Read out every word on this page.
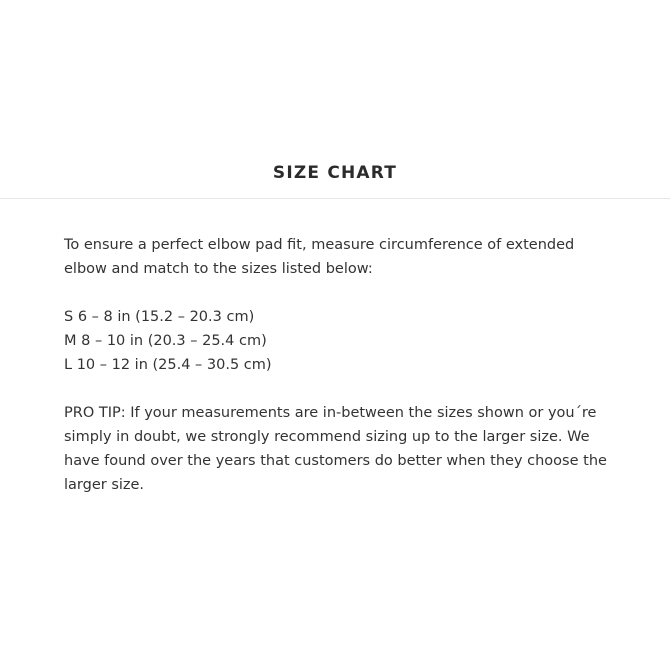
SIZE CHART

To ensure a perfect elbow pad fit, measure circumference of extended elbow and match to the sizes listed below:

S 6 – 8 in (15.2 – 20.3 cm)

M 8 – 10 in (20.3 – 25.4 cm)

L 10 – 12 in (25.4 – 30.5 cm)

PRO TIP: If your measurements are in-between the sizes shown or you´re simply in doubt, we strongly recommend sizing up to the larger size. We have found over the years that customers do better when they choose the larger size.
